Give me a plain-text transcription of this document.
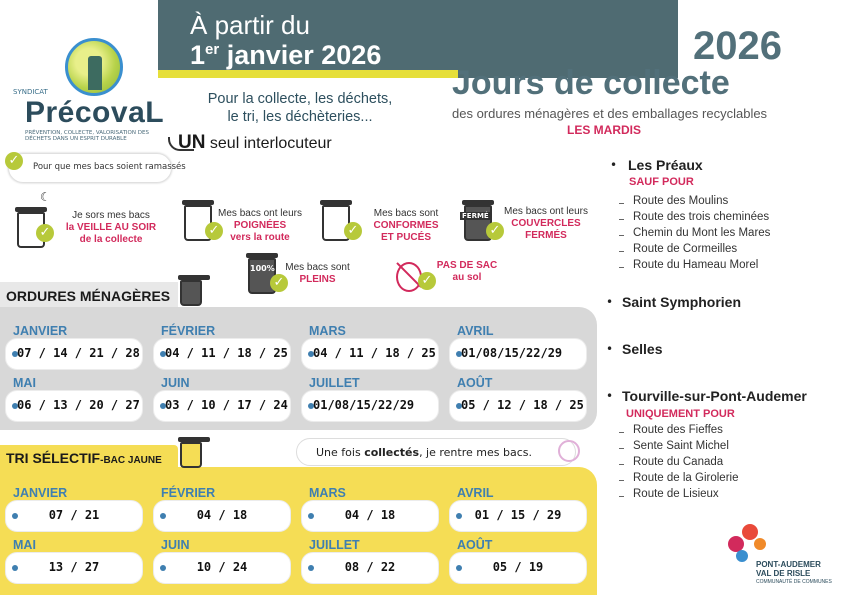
À partir du
1er janvier 2026
SYNDICAT
PrécovaL
PRÉVENTION, COLLECTE, VALORISATION DES DÉCHETS DANS UN ESPRIT DURABLE
Pour la collecte, les déchets,
le tri, les déchèteries...
UN seul interlocuteur
2026
Jours de collecte
des ordures ménagères et des emballages recyclables
LES MARDIS
✓	Pour que mes bacs soient ramassés
☾
✓
Je sors mes bacs
la VEILLE AU SOIR
de la collecte
✓
Mes bacs ont leurs
POIGNÉES
vers la route	✓
Mes bacs sont
CONFORMES
ET PUCÉS
FERMÉ
✓
Mes bacs ont leurs
COUVERCLES
FERMÉS
100%
✓
Mes bacs sont
PLEINS	✓
PAS DE SAC
au sol
ORDURES MÉNAGÈRES
JANVIER
07 / 14 / 21 / 28
FÉVRIER
04 / 11 / 18 / 25
MARS
04 / 11 / 18 / 25
AVRIL
01/08/15/22/29
MAI
06 / 13 / 20 / 27
JUIN
03 / 10 / 17 / 24
JUILLET
01/08/15/22/29
AOÛT
05 / 12 / 18 / 25
TRI SÉLECTIF-BAC JAUNE
Une fois collectés, je rentre mes bacs.
JANVIER
07 / 21
FÉVRIER
04 / 18
MARS
04 / 18
AVRIL
01 / 15 / 29
MAI
13 / 27
JUIN
10 / 24
JUILLET
08 / 22
AOÛT
05 / 19
• Les Préaux
SAUF POUR
Route des Moulins
Route des trois cheminées
Chemin du Mont les Mares
Route de Cormeilles
Route du Hameau Morel
• Saint Symphorien
• Selles
• Tourville-sur-Pont-Audemer
UNIQUEMENT POUR
Route des Fieffes
Sente Saint Michel
Route du Canada
Route de la Girolerie
Route de Lisieux
PONT-AUDEMER
VAL DE RISLE
COMMUNAUTÉ DE COMMUNES
